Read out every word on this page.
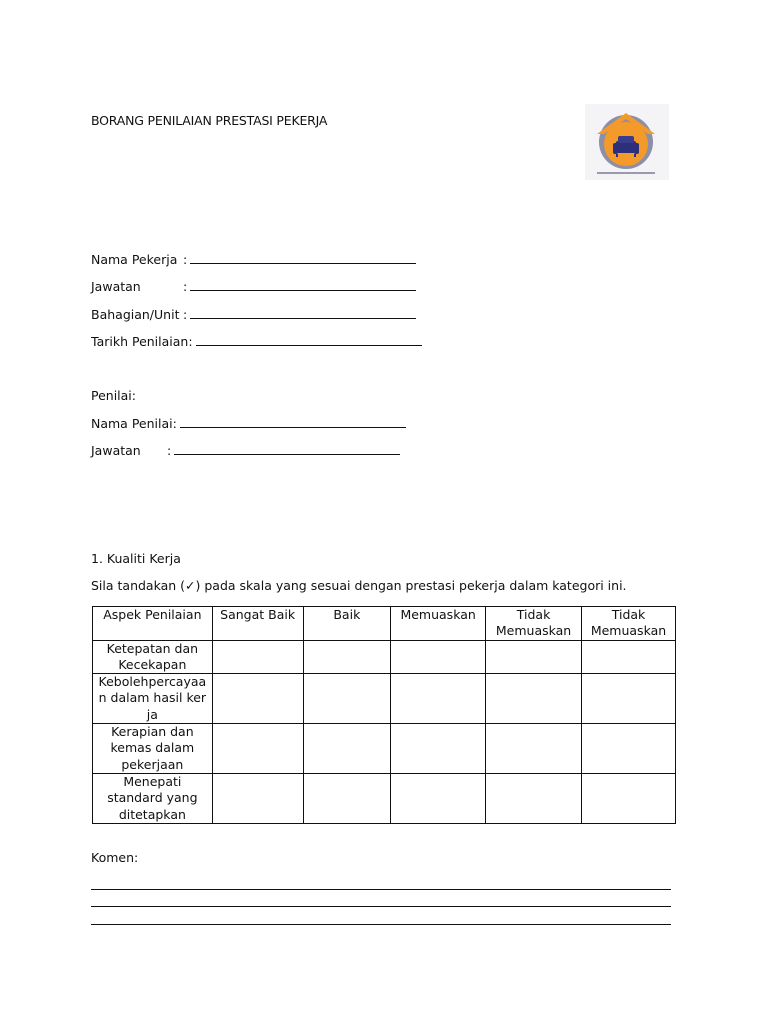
BORANG PENILAIAN PRESTASI PEKERJA
Nama Pekerja :
Jawatan	:
Bahagian/Unit :
Tarikh Penilaian:
Penilai:
Nama Penilai:
Jawatan :
1. Kualiti Kerja
Sila tandakan (✓) pada skala yang sesuai dengan prestasi pekerja dalam kategori ini.
Aspek Penilaian	Sangat Baik	Baik	Memuaskan	Tidak Memuaskan	Tidak Memuaskan
Ketepatan dan Kecekapan					
Kebolehpercayaan dalam hasil kerja					
Kerapian dan kemas dalam pekerjaan					
Menepati standard yang ditetapkan					
Komen:
